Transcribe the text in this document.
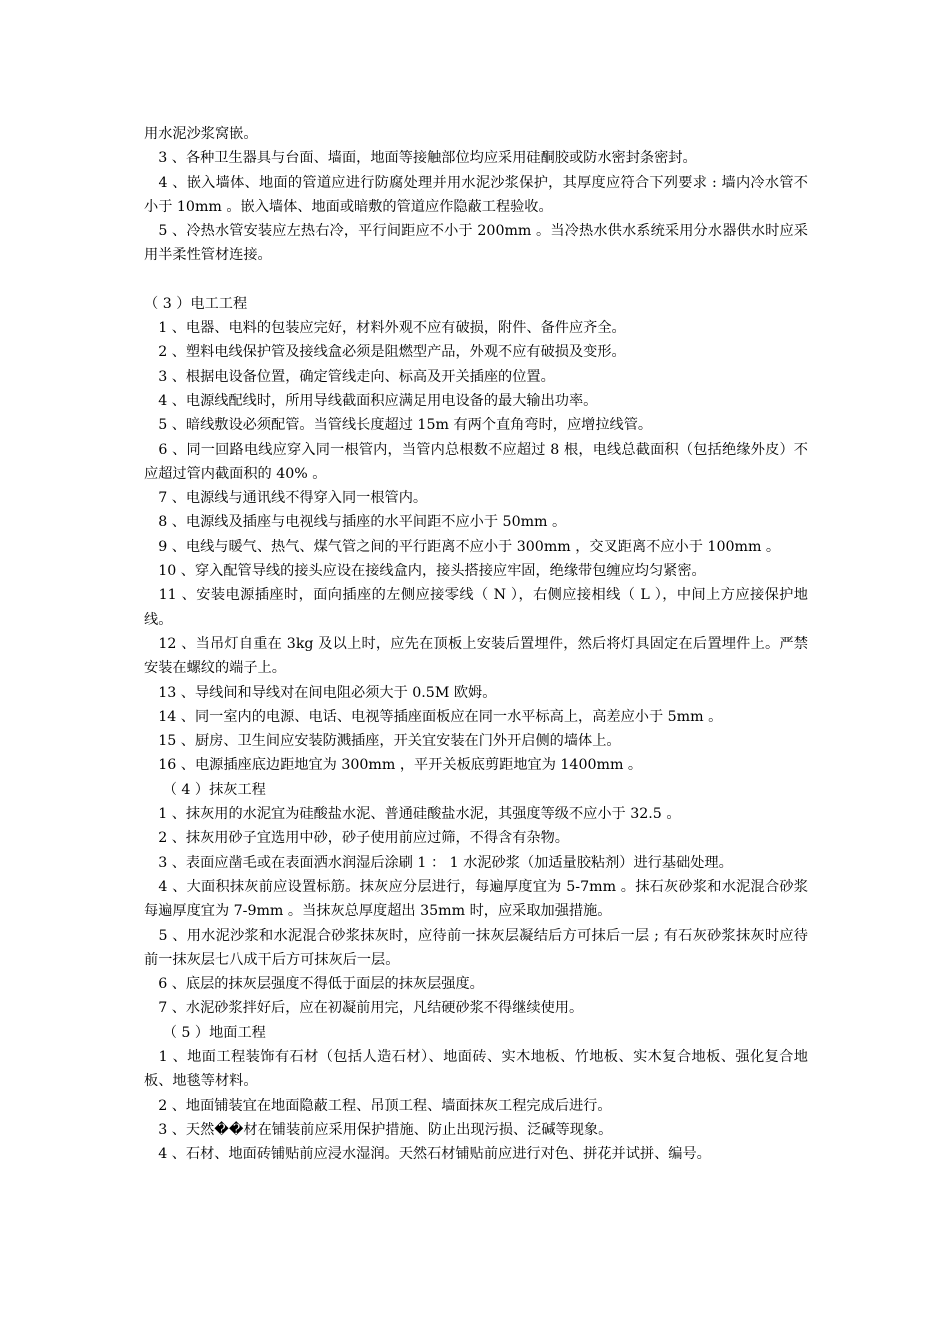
用水泥沙浆窝嵌。

　3 、各种卫生器具与台面、墙面，地面等接触部位均应采用硅酮胶或防水密封条密封。

　4 、嵌入墙体、地面的管道应进行防腐处理并用水泥沙浆保护，其厚度应符合下列要求 : 墙内冷水管不小于 10mm 。嵌入墙体、地面或暗敷的管道应作隐蔽工程验收。

　5 、冷热水管安装应左热右冷，平行间距应不小于 200mm 。当冷热水供水系统采用分水器供水时应采用半柔性管材连接。

（ 3 ）电工工程

　1 、电器、电料的包装应完好，材料外观不应有破损，附件、备件应齐全。

　2 、塑料电线保护管及接线盒必须是阻燃型产品，外观不应有破损及变形。

　3 、根据电设备位置，确定管线走向、标高及开关插座的位置。

　4 、电源线配线时，所用导线截面积应满足用电设备的最大输出功率。

　5 、暗线敷设必须配管。当管线长度超过 15m 有两个直角弯时，应增拉线管。

　6 、同一回路电线应穿入同一根管内，当管内总根数不应超过 8 根，电线总截面积（包括绝缘外皮）不应超过管内截面积的 40% 。

　7 、电源线与通讯线不得穿入同一根管内。

　8 、电源线及插座与电视线与插座的水平间距不应小于 50mm 。

　9 、电线与暖气、热气、煤气管之间的平行距离不应小于 300mm ，交叉距离不应小于 100mm 。

　10 、穿入配管导线的接头应设在接线盒内，接头搭接应牢固，绝缘带包缠应均匀紧密。

　11 、安装电源插座时，面向插座的左侧应接零线（ N ），右侧应接相线（ L ），中间上方应接保护地线。

　12 、当吊灯自重在 3kg 及以上时，应先在顶板上安装后置埋件，然后将灯具固定在后置埋件上。严禁安装在螺纹的端子上。

　13 、导线间和导线对在间电阻必须大于 0.5M 欧姆。

　14 、同一室内的电源、电话、电视等插座面板应在同一水平标高上，高差应小于 5mm 。

　15 、厨房、卫生间应安装防溅插座，开关宜安装在门外开启侧的墙体上。

　16 、电源插座底边距地宜为 300mm ，平开关板底剪距地宜为 1400mm 。

　 （ 4 ）抹灰工程

　1 、抹灰用的水泥宜为硅酸盐水泥、普通硅酸盐水泥，其强度等级不应小于 32.5 。

　2 、抹灰用砂子宜选用中砂，砂子使用前应过筛，不得含有杂物。

　3 、表面应凿毛或在表面洒水润湿后涂刷 1 ： 1 水泥砂浆（加适量胶粘剂）进行基础处理。

　4 、大面积抹灰前应设置标筋。抹灰应分层进行，每遍厚度宜为 5-7mm 。抹石灰砂浆和水泥混合砂浆每遍厚度宜为 7-9mm 。当抹灰总厚度超出 35mm 时，应采取加强措施。

　5 、用水泥沙浆和水泥混合砂浆抹灰时，应待前一抹灰层凝结后方可抹后一层 ; 有石灰砂浆抹灰时应待前一抹灰层七八成干后方可抹灰后一层。

　6 、底层的抹灰层强度不得低于面层的抹灰层强度。

　7 、水泥砂浆拌好后，应在初凝前用完，凡结硬砂浆不得继续使用。

　 （ 5 ）地面工程

　1 、地面工程装饰有石材（包括人造石材）、地面砖、实木地板、竹地板、实木复合地板、强化复合地板、地毯等材料。

　2 、地面铺装宜在地面隐蔽工程、吊顶工程、墙面抹灰工程完成后进行。

　3 、天然��材在铺装前应采用保护措施、防止出现污损、泛碱等现象。

　4 、石材、地面砖铺贴前应浸水湿润。天然石材铺贴前应进行对色、拼花并试拼、编号。
